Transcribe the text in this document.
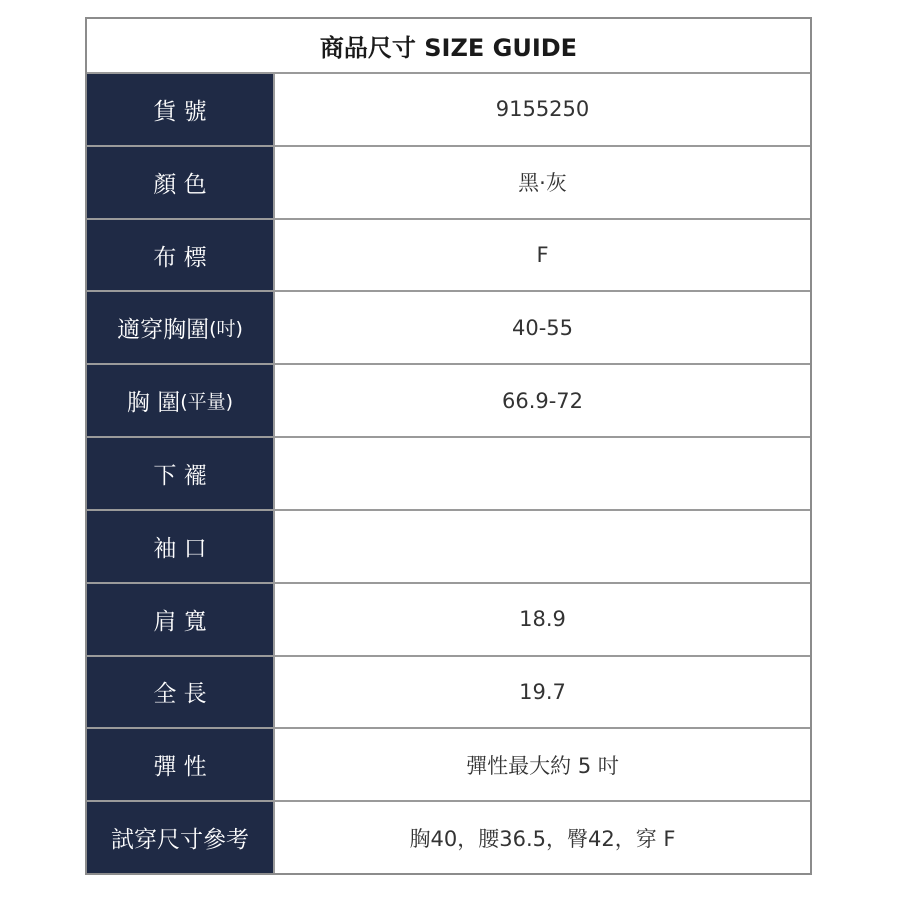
商品尺寸 SIZE GUIDE
貨 號	9155250
顏 色	黑·灰
布 標	F
適穿胸圍 (吋)	40-55
胸 圍 (平量)	66.9-72
下 襬
袖 口
肩 寬	18.9
全 長	19.7
彈 性	彈性最大約 5 吋
試穿尺寸參考	胸40，腰36.5，臀42，穿 F
